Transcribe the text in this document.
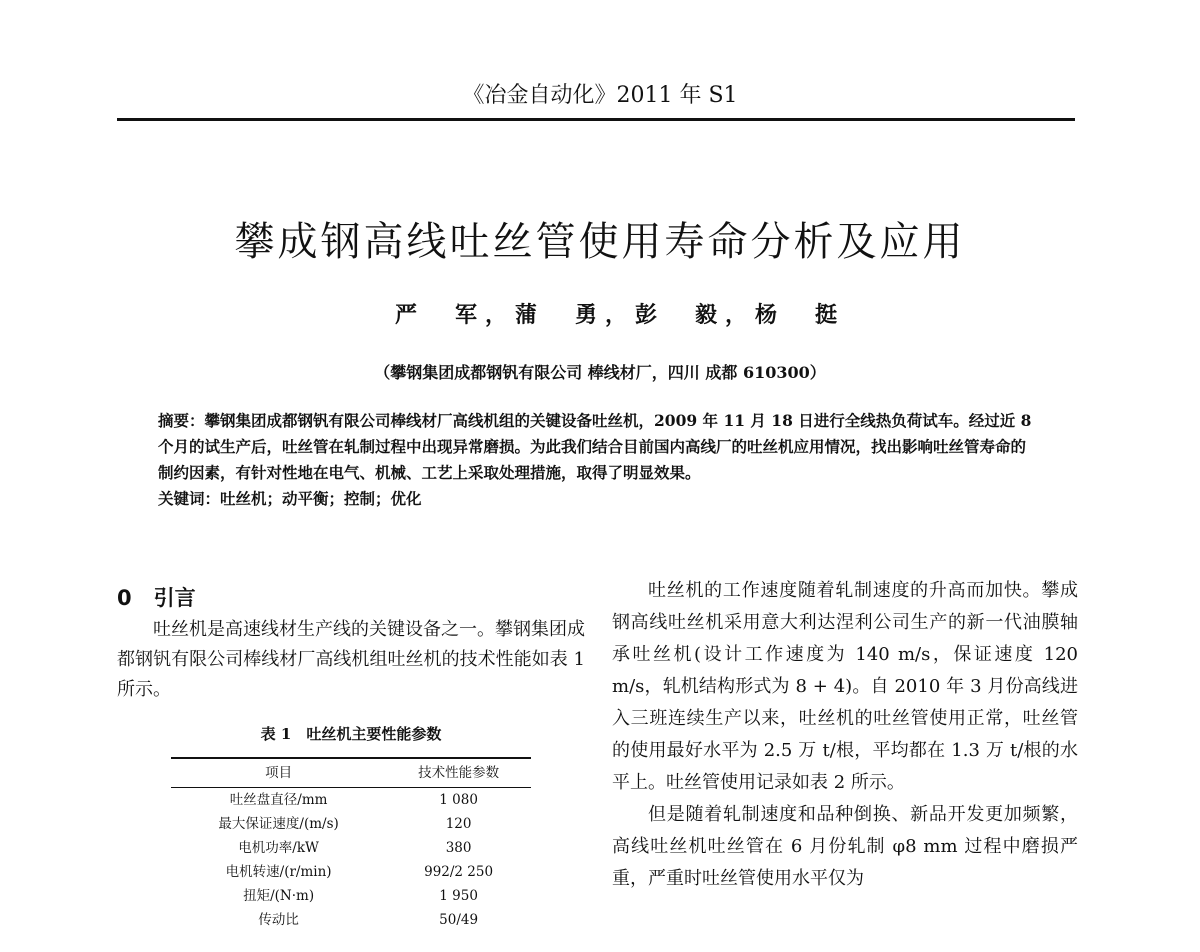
《冶金自动化》2011 年 S1
攀成钢高线吐丝管使用寿命分析及应用
严　军，蒲　勇，彭　毅，杨　挺
（攀钢集团成都钢钒有限公司 棒线材厂，四川 成都 610300）
摘要：攀钢集团成都钢钒有限公司棒线材厂高线机组的关键设备吐丝机，2009 年 11 月 18 日进行全线热负荷试车。经过近 8 个月的试生产后，吐丝管在轧制过程中出现异常磨损。为此我们结合目前国内高线厂的吐丝机应用情况，找出影响吐丝管寿命的制约因素，有针对性地在电气、机械、工艺上采取处理措施，取得了明显效果。
关键词：吐丝机；动平衡；控制；优化
0 引言

吐丝机是高速线材生产线的关键设备之一。攀钢集团成都钢钒有限公司棒线材厂高线机组吐丝机的技术性能如表 1 所示。

表 1　吐丝机主要性能参数
项目	技术性能参数
吐丝盘直径/mm	1 080
最大保证速度/(m/s)	120
电机功率/kW	380
电机转速/(r/min)	992/2 250
扭矩/(N·m)	1 950
传动比	50/49

吐丝机的工作速度随着轧制速度的升高而加快。攀成钢高线吐丝机采用意大利达涅利公司生产的新一代油膜轴承吐丝机(设计工作速度为 140 m/s，保证速度 120 m/s，轧机结构形式为 8 + 4)。自 2010 年 3 月份高线进入三班连续生产以来，吐丝机的吐丝管使用正常，吐丝管的使用最好水平为 2.5 万 t/根，平均都在 1.3 万 t/根的水平上。吐丝管使用记录如表 2 所示。

但是随着轧制速度和品种倒换、新品开发更加频繁，高线吐丝机吐丝管在 6 月份轧制 φ8 mm 过程中磨损严重，严重时吐丝管使用水平仅为
